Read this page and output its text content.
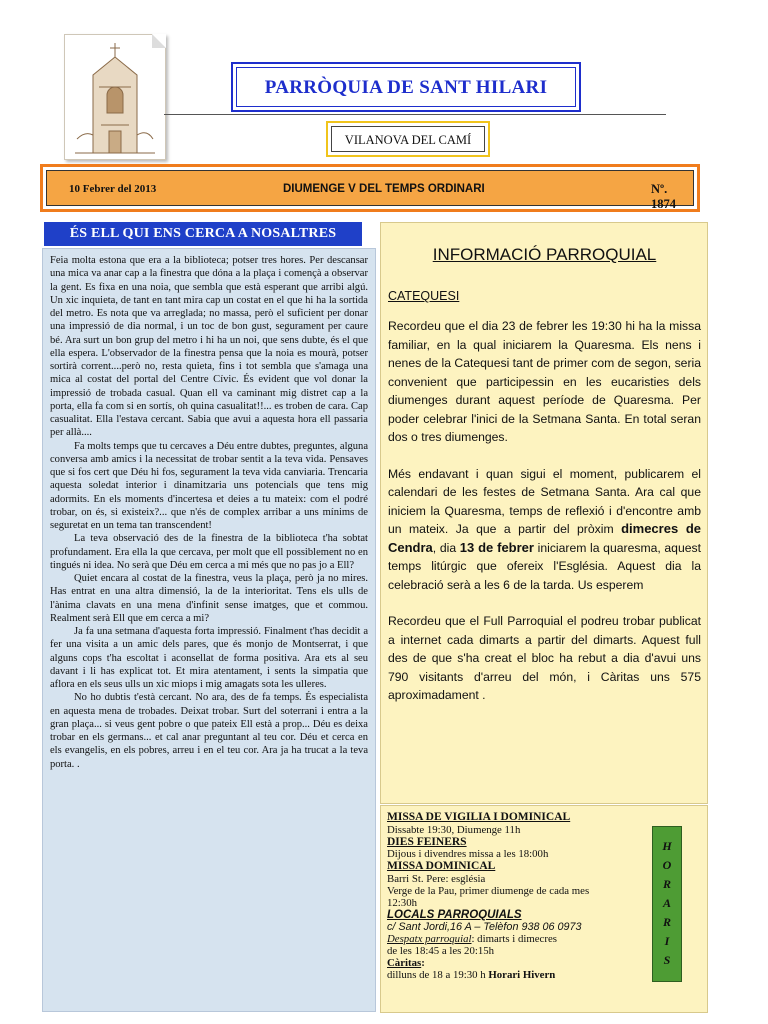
PARRÒQUIA DE SANT HILARI
VILANOVA DEL CAMÍ
10 Febrer del 2013	DIUMENGE V DEL TEMPS ORDINARI	Nº. 1874
ÉS ELL QUI ENS CERCA A NOSALTRES

Feia molta estona que era a la biblioteca; potser tres hores. Per descansar una mica va anar cap a la finestra que dóna a la plaça i començà a observar la gent. Es fixa en una noia, que sembla que està esperant que arribi algú. Un xic inquieta, de tant en tant mira cap un costat en el que hi ha la sortida del metro. Es nota que va arreglada; no massa, però el suficient per donar una impressió de dia normal, i un toc de bon gust, segurament per caure bé. Ara surt un bon grup del metro i hi ha un noi, que sens dubte, és el que ella espera. L'observador de la finestra pensa que la noia es mourà, potser sortirà corrent....però no, resta quieta, fins i tot sembla que s'amaga una mica al costat del portal del Centre Cívic. És evident que vol donar la impressió de trobada casual. Quan ell va caminant mig distret cap a la porta, ella fa com si en sortís, oh quina casualitat!!... es troben de cara. Cap casualitat. Ella l'estava cercant. Sabia que avui a aquesta hora ell passaria per allà....

Fa molts temps que tu cercaves a Déu entre dubtes, preguntes, alguna conversa amb amics i la necessitat de trobar sentit a la teva vida. Pensaves que si fos cert que Déu hi fos, segurament la teva vida canviaria. Trencaria aquesta soledat interior i dinamitzaria uns potencials que tens mig adormits. En els moments d'incertesa et deies a tu mateix: com el podré trobar, on és, si existeix?... que n'és de complex arribar a uns mínims de seguretat en un tema tan transcendent!

La teva observació des de la finestra de la biblioteca t'ha sobtat profundament. Era ella la que cercava, per molt que ell possiblement no en tingués ni idea. No serà que Déu em cerca a mi més que no pas jo a Ell?

Quiet encara al costat de la finestra, veus la plaça, però ja no mires. Has entrat en una altra dimensió, la de la interioritat. Tens els ulls de l'ànima clavats en una mena d'infinit sense imatges, que et commou. Realment serà Ell que em cerca a mi?

Ja fa una setmana d'aquesta forta impressió. Finalment t'has decidit a fer una visita a un amic dels pares, que és monjo de Montserrat, i que alguns cops t'ha escoltat i aconsellat de forma positiva. Ara ets al seu davant i li has explicat tot. Et mira atentament, i sents la simpatia que aflora en els seus ulls un xic miops i mig amagats sota les ulleres.

No ho dubtis t'està cercant. No ara, des de fa temps. És especialista en aquesta mena de trobades. Deixat trobar. Surt del soterrani i entra a la gran plaça... si veus gent pobre o que pateix Ell està a prop... Déu es deixa trobar en els germans... et cal anar preguntant al teu cor. Déu et cerca en els evangelis, en els pobres, arreu i en el teu cor. Ara ja ha trucat a la teva porta. .

INFORMACIÓ PARROQUIAL
CATEQUESI

Recordeu que el dia 23 de febrer les 19:30 hi ha la missa familiar, en la qual iniciarem la Quaresma. Els nens i nenes de la Catequesi tant de primer com de segon, seria convenient que participessin en les eucaristies dels diumenges durant aquest període de Quaresma. Per poder celebrar l'inici de la Setmana Santa. En total seran dos o tres diumenges.

Més endavant i quan sigui el moment, publicarem el calendari de les festes de Setmana Santa. Ara cal que iniciem la Quaresma, temps de reflexió i d'encontre amb un mateix. Ja que a partir del pròxim dimecres de Cendra, dia 13 de febrer iniciarem la quaresma, aquest temps litúrgic que ofereix l'Església. Aquest dia la celebració serà a les 6 de la tarda. Us esperem

Recordeu que el Full Parroquial el podreu trobar publicat a internet cada dimarts a partir del dimarts. Aquest full des de que s'ha creat el bloc ha rebut a dia d'avui uns 790 visitants d'arreu del món, i Càritas uns 575 aproximadament .

MISSA DE VIGILIA I DOMINICAL
Dissabte 19:30, Diumenge 11h
DIES FEINERS
Dijous i divendres missa a les 18:00h
MISSA DOMINICAL
Barri St. Pere: església
Verge de la Pau, primer diumenge de cada mes
12:30h
LOCALS PARROQUIALS
c/ Sant Jordi,16 A – Telèfon 938 06 0973
Despatx parroquial: dimarts i dimecres
de les 18:45 a les 20:15h
Càritas:
dilluns de 18 a 19:30 h Horari Hivern
H
O
R
A
R
I
S
